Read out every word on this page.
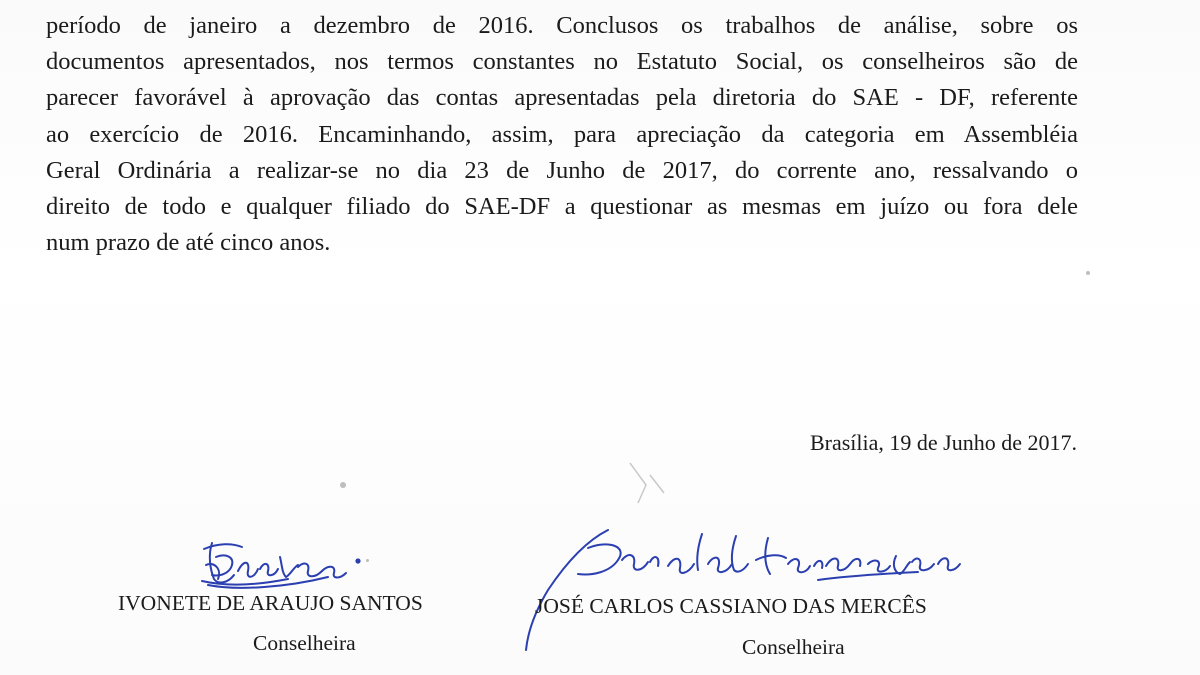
período de janeiro a dezembro de 2016. Conclusos os trabalhos de análise, sobre os
documentos apresentados, nos termos constantes no Estatuto Social, os conselheiros são de
parecer favorável à aprovação das contas apresentadas pela diretoria do SAE - DF, referente
ao exercício de 2016. Encaminhando, assim, para apreciação da categoria em Assembléia
Geral Ordinária a realizar-se no dia 23 de Junho de 2017, do corrente ano, ressalvando o
direito de todo e qualquer filiado do SAE-DF a questionar as mesmas em juízo ou fora dele
num prazo de até cinco anos.
Brasília, 19 de Junho de 2017.
IVONETE DE ARAUJO SANTOS
Conselheira
JOSÉ CARLOS CASSIANO DAS MERCÊS
Conselheira
